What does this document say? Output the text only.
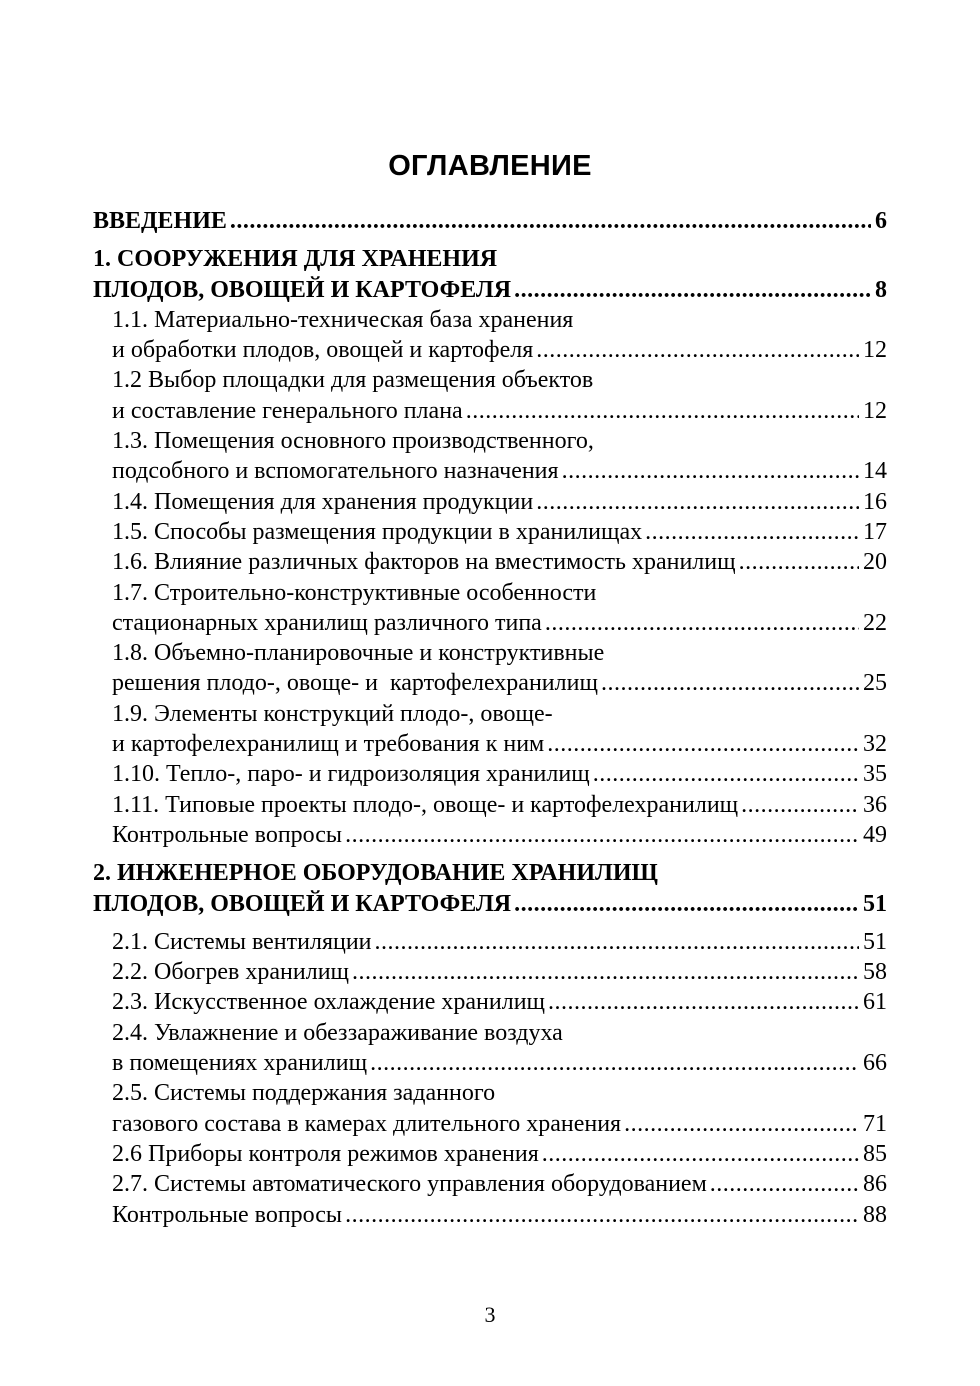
ОГЛАВЛЕНИЕ
ВВЕДЕНИЕ .....	6
1. СООРУЖЕНИЯ ДЛЯ ХРАНЕНИЯ
ПЛОДОВ, ОВОЩЕЙ И КАРТОФЕЛЯ .....	8
1.1. Материально-техническая база хранения
и обработки плодов, овощей и картофеля .....	12
1.2 Выбор площадки для размещения объектов
и составление генерального плана .....	12
1.3. Помещения основного производственного,
подсобного и вспомогательного назначения .....	14
1.4. Помещения для хранения продукции .....	16
1.5. Способы размещения продукции в хранилищах .....	17
1.6. Влияние различных факторов на вместимость хранилищ .....	20
1.7. Строительно-конструктивные особенности
стационарных хранилищ различного типа .....	22
1.8. Объемно-планировочные и конструктивные
решения плодо-, овоще- и  картофелехранилищ .....	25
1.9. Элементы конструкций плодо-, овоще-
и картофелехранилищ и требования к ним .....	32
1.10. Тепло-, паро- и гидроизоляция хранилищ .....	35
1.11. Типовые проекты плодо-, овоще- и картофелехранилищ .....	36
Контрольные вопросы .....	49
2. ИНЖЕНЕРНОЕ ОБОРУДОВАНИЕ ХРАНИЛИЩ
ПЛОДОВ, ОВОЩЕЙ И КАРТОФЕЛЯ .....	51
2.1. Системы вентиляции .....	51
2.2. Обогрев хранилищ .....	58
2.3. Искусственное охлаждение хранилищ .....	61
2.4. Увлажнение и обеззараживание воздуха
в помещениях хранилищ .....	66
2.5. Системы поддержания заданного
газового состава в камерах длительного хранения .....	71
2.6 Приборы контроля режимов хранения .....	85
2.7. Системы автоматического управления оборудованием .....	86
Контрольные вопросы .....	88
3
